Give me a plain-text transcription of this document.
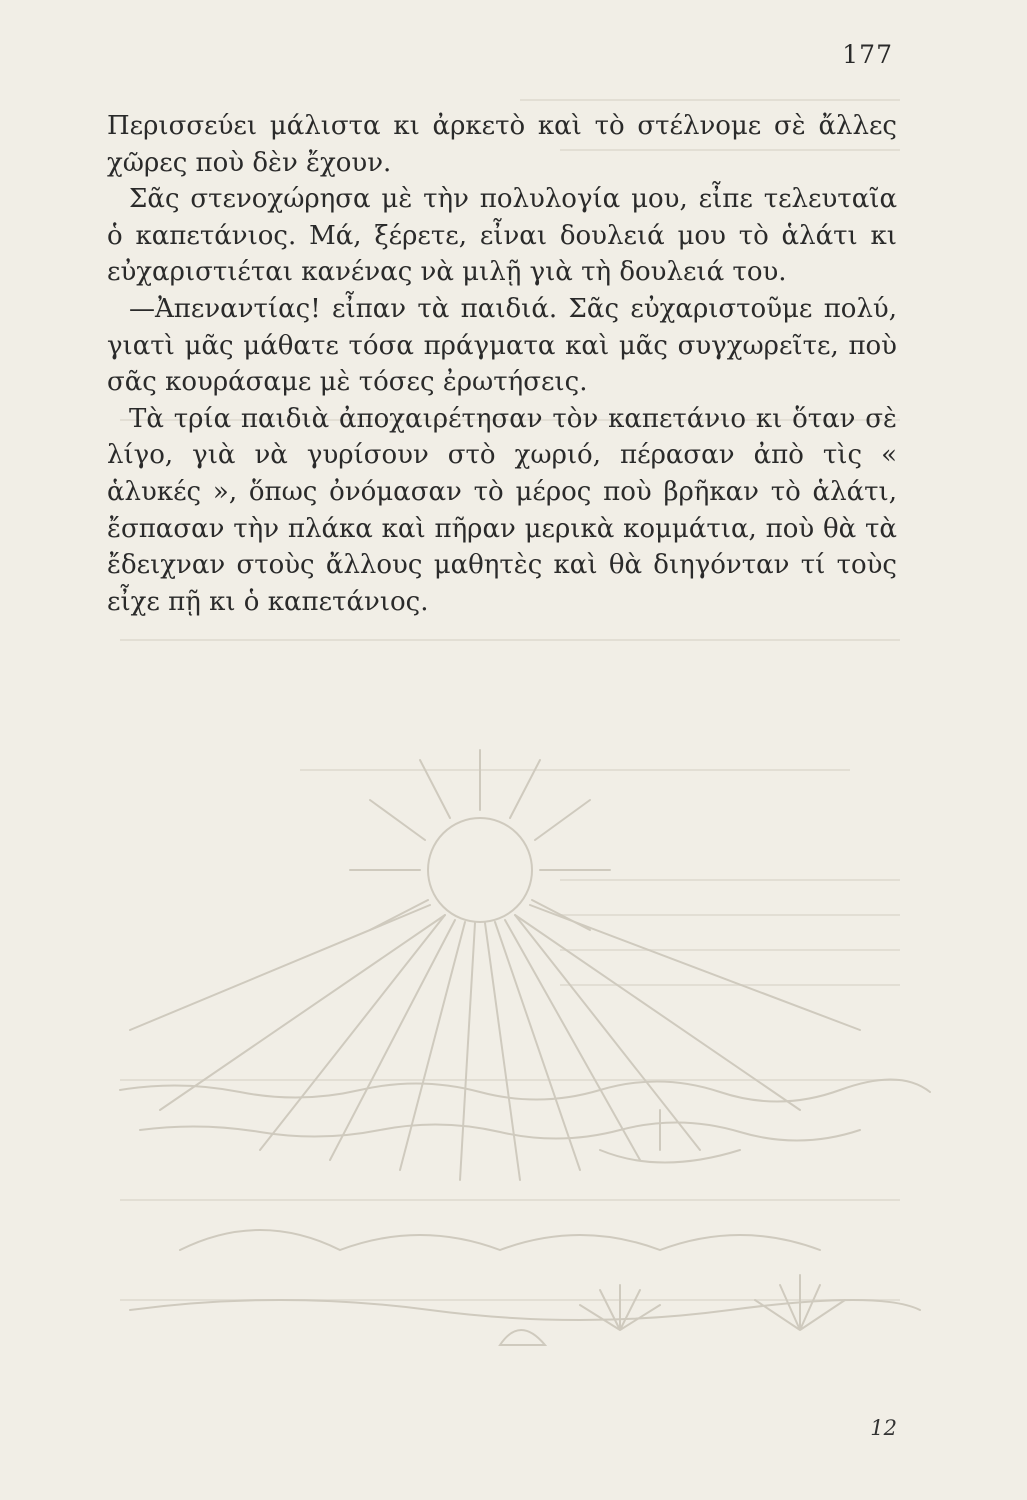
177

Περισσεύει μάλιστα κι ἀρκετὸ καὶ τὸ στέλνομε σὲ ἄλλες χῶρες ποὺ δὲν ἔχουν.

Σᾶς στενοχώρησα μὲ τὴν πολυλογία μου, εἶπε τελευταῖα ὁ καπετάνιος. Μά, ξέρετε, εἶναι δουλειά μου τὸ ἁλάτι κι εὐχαριστιέται κανένας νὰ μιλῇ γιὰ τὴ δουλειά του.

—Ἀπεναντίας! εἶπαν τὰ παιδιά. Σᾶς εὐχαριστοῦμε πολύ, γιατὶ μᾶς μάθατε τόσα πράγματα καὶ μᾶς συγχωρεῖτε, ποὺ σᾶς κουράσαμε μὲ τόσες ἐρωτήσεις.

Τὰ τρία παιδιὰ ἀποχαιρέτησαν τὸν καπετάνιο κι ὅταν σὲ λίγο, γιὰ νὰ γυρίσουν στὸ χωριό, πέρασαν ἀπὸ τὶς « ἁλυκές », ὅπως ὀνόμασαν τὸ μέρος ποὺ βρῆκαν τὸ ἁλάτι, ἔσπασαν τὴν πλάκα καὶ πῆραν μερικὰ κομμάτια, ποὺ θὰ τὰ ἔδειχναν στοὺς ἄλλους μαθητὲς καὶ θὰ διηγόνταν τί τοὺς εἶχε πῇ κι ὁ καπετάνιος.

12
